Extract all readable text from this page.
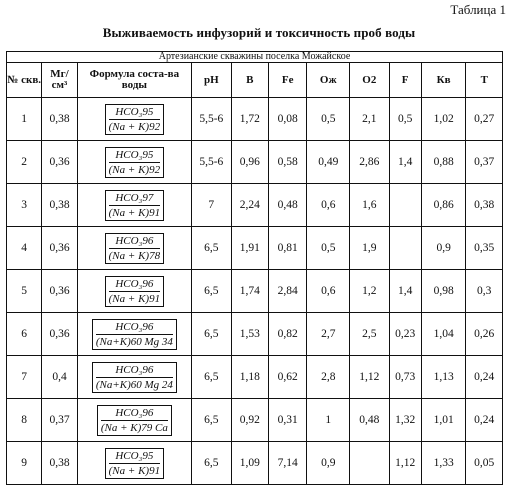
Таблица 1
Выживаемость инфузорий и токсичность проб воды
Артезианские скважины поселка Можайское										
№ скв.	Мг/ см³	Формула соста-ва воды	pH	B	Fe	Ож	O2	F	Кв	T
1	0,38	$\frac{\text{HCO₃95}}{(Na + K)92}$	5,5-6	1,72	0,08	0,5	2,1	0,5	1,02	0,27
2	0,36	$\frac{\text{HCO₃95}}{(Na + K)92}$	5,5-6	0,96	0,58	0,49	2,86	1,4	0,88	0,37
3	0,38	$\frac{\text{HCO₃97}}{(Na + K)91}$	7	2,24	0,48	0,6	1,6		0,86	0,38
4	0,36	$\frac{\text{HCO₃96}}{(Na + K)78}$	6,5	1,91	0,81	0,5	1,9		0,9	0,35
5	0,36	$\frac{\text{HCO₃96}}{(Na + K)91}$	6,5	1,74	2,84	0,6	1,2	1,4	0,98	0,3
6	0,36	$\frac{\text{HCO₃96}}{(Na+K)60 Mg 34}$	6,5	1,53	0,82	2,7	2,5	0,23	1,04	0,26
7	0,4	$\frac{\text{HCO₃96}}{(Na+K)60 Mg 24}$	6,5	1,18	0,62	2,8	1,12	0,73	1,13	0,24
8	0,37	$\frac{\text{HCO₃96}}{(Na + K)79 Ca}$	6,5	0,92	0,31	1	0,48	1,32	1,01	0,24
9	0,38	$\frac{\text{HCO₃95}}{(Na + K)91}$	6,5	1,09	7,14	0,9		1,12	1,33	0,05
